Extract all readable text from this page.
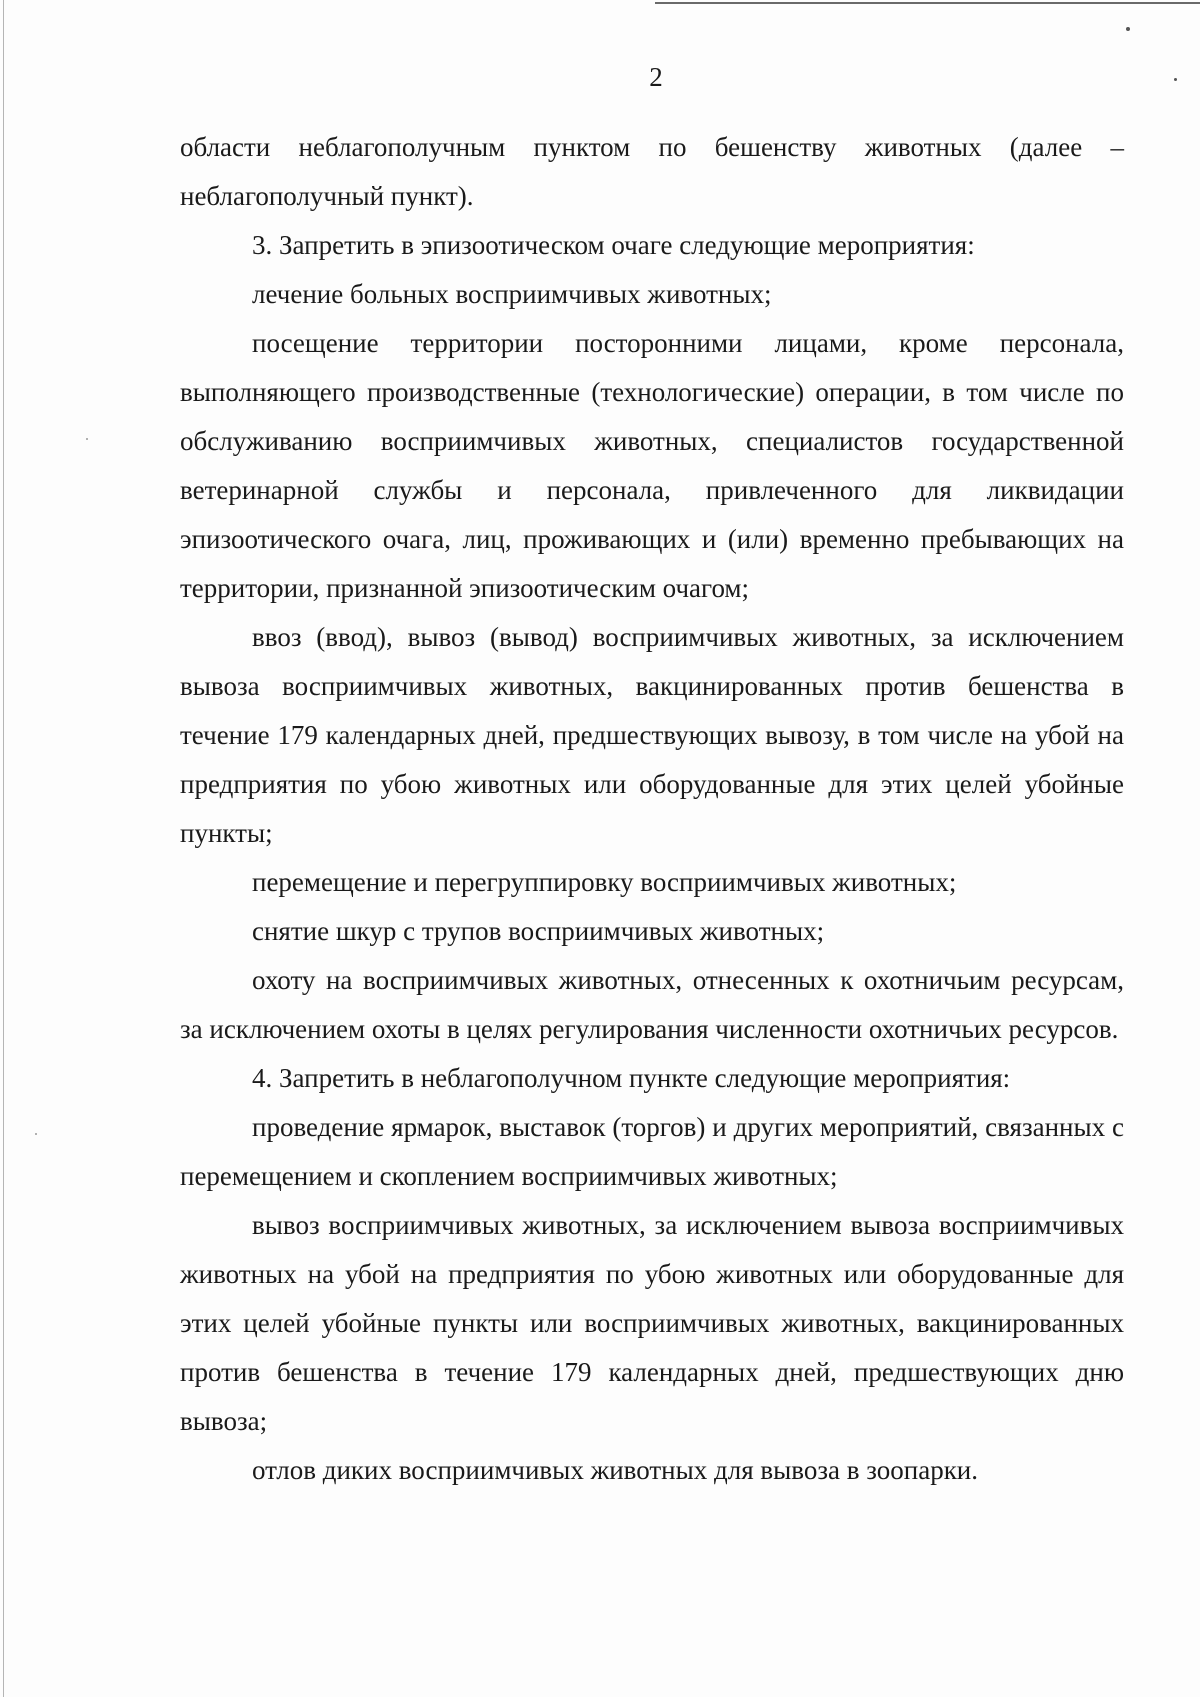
2

области неблагополучным пунктом по бешенству животных (далее – неблагополучный пункт).

3. Запретить в эпизоотическом очаге следующие мероприятия:

лечение больных восприимчивых животных;

посещение территории посторонними лицами, кроме персонала, выполняющего производственные (технологические) операции, в том числе по обслуживанию восприимчивых животных, специалистов государственной ветеринарной службы и персонала, привлеченного для ликвидации эпизоотического очага, лиц, проживающих и (или) временно пребывающих на территории, признанной эпизоотическим очагом;

ввоз (ввод), вывоз (вывод) восприимчивых животных, за исключением вывоза восприимчивых животных, вакцинированных против бешенства в течение 179 календарных дней, предшествующих вывозу, в том числе на убой на предприятия по убою животных или оборудованные для этих целей убойные пункты;

перемещение и перегруппировку восприимчивых животных;

снятие шкур с трупов восприимчивых животных;

охоту на восприимчивых животных, отнесенных к охотничьим ресурсам, за исключением охоты в целях регулирования численности охотничьих ресурсов.

4. Запретить в неблагополучном пункте следующие мероприятия:

проведение ярмарок, выставок (торгов) и других мероприятий, связанных с перемещением и скоплением восприимчивых животных;

вывоз восприимчивых животных, за исключением вывоза восприимчивых животных на убой на предприятия по убою животных или оборудованные для этих целей убойные пункты или восприимчивых животных, вакцинированных против бешенства в течение 179 календарных дней, предшествующих дню вывоза;

отлов диких восприимчивых животных для вывоза в зоопарки.
